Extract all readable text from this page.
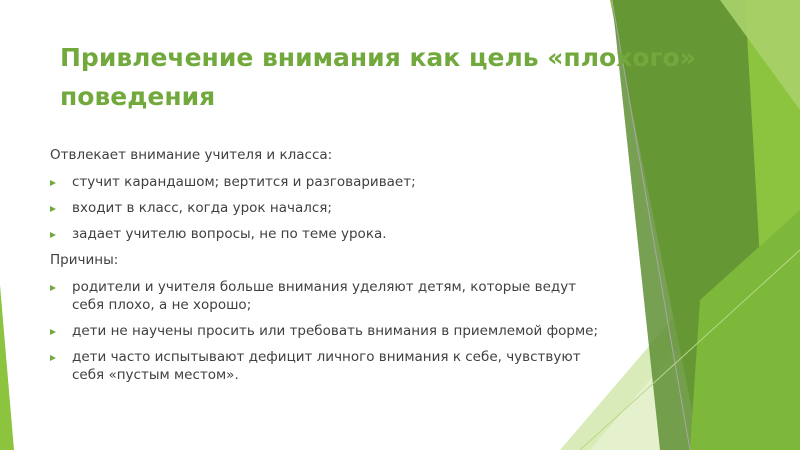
Привлечение внимания как цель «плохого» поведения

Отвлекает внимание учителя и класса:

стучит карандашом; вертится и разговаривает;

входит в класс, когда урок начался;

задает учителю вопросы, не по теме урока.

Причины:

родители и учителя больше внимания уделяют детям, которые ведут себя плохо, а не хорошо;

дети не научены просить или требовать внимания в приемлемой форме;

дети часто испытывают дефицит личного внимания к себе, чувствуют себя «пустым местом».
